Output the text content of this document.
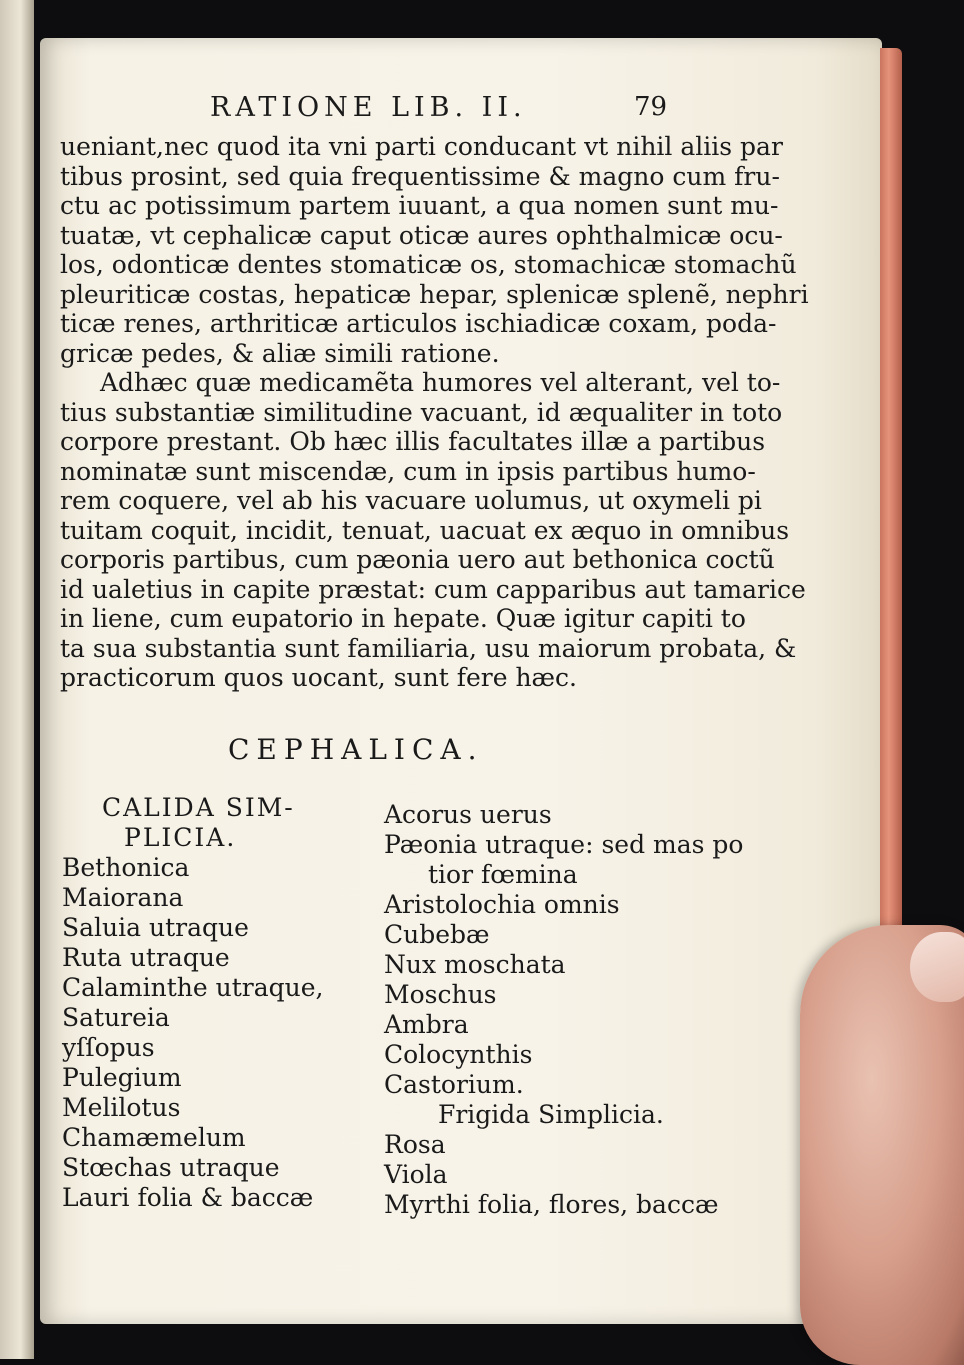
RATIONE LIB. II.	79
ueniant,nec quod ita vni parti conducant vt nihil aliis par
tibus prosint, sed quia frequentissime & magno cum fru-
ctu ac potissimum partem iuuant, a qua nomen sunt mu-
tuatæ, vt cephalicæ caput oticæ aures ophthalmicæ ocu-
los, odonticæ dentes stomaticæ os, stomachicæ stomachũ
pleuriticæ costas, hepaticæ hepar, splenicæ splenẽ, nephri
ticæ renes, arthriticæ articulos ischiadicæ coxam, poda-
gricæ pedes, & aliæ simili ratione.
Adhæc quæ medicamẽta humores vel alterant, vel to-
tius substantiæ similitudine vacuant, id æqualiter in toto
corpore prestant. Ob hæc illis facultates illæ a partibus
nominatæ sunt miscendæ, cum in ipsis partibus humo-
rem coquere, vel ab his vacuare uolumus, ut oxymeli pi
tuitam coquit, incidit, tenuat, uacuat ex æquo in omnibus
corporis partibus, cum pæonia uero aut bethonica coctũ
id ualetius in capite præstat: cum capparibus aut tamarice
in liene, cum eupatorio in hepate. Quæ igitur capiti to
ta sua substantia sunt familiaria, usu maiorum probata, &
practicorum quos uocant, sunt fere hæc.
CEPHALICA.
CALIDA SIM-
PLICIA.
Bethonica
Maiorana
Saluia utraque
Ruta utraque
Calaminthe utraque,
Satureia
yſſopus
Pulegium
Melilotus
Chamæmelum
Stœchas utraque
Lauri folia & baccæ
Acorus uerus
Pæonia utraque: sed mas po
tior fœmina
Aristolochia omnis
Cubebæ
Nux moschata
Moschus
Ambra
Colocynthis
Castorium.
Frigida Simplicia.
Rosa
Viola
Myrthi folia, flores, baccæ
